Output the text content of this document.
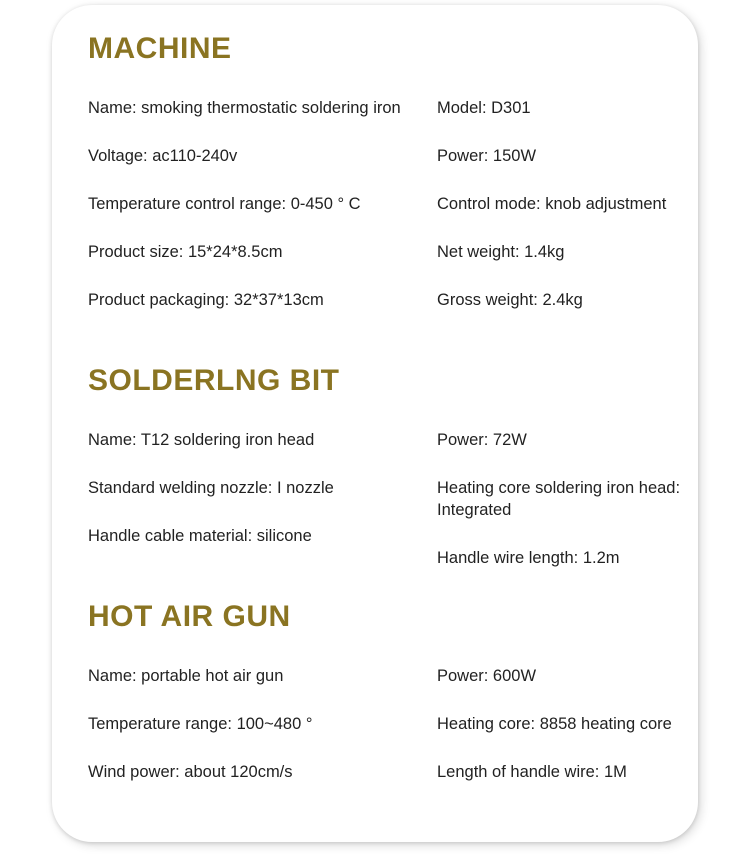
MACHINE

Name: smoking thermostatic soldering iron

Voltage: ac110-240v

Temperature control range: 0-450 ° C

Product size: 15*24*8.5cm

Product packaging: 32*37*13cm

Model: D301

Power: 150W

Control mode: knob adjustment

Net weight: 1.4kg

Gross weight: 2.4kg

SOLDERLNG BIT

Name: T12 soldering iron head

Standard welding nozzle: I nozzle

Handle cable material: silicone

Power: 72W

Heating core soldering iron head: Integrated

Handle wire length: 1.2m

HOT AIR GUN

Name: portable hot air gun

Temperature range: 100~480 °

Wind power: about 120cm/s

Power: 600W

Heating core: 8858 heating core

Length of handle wire: 1M
